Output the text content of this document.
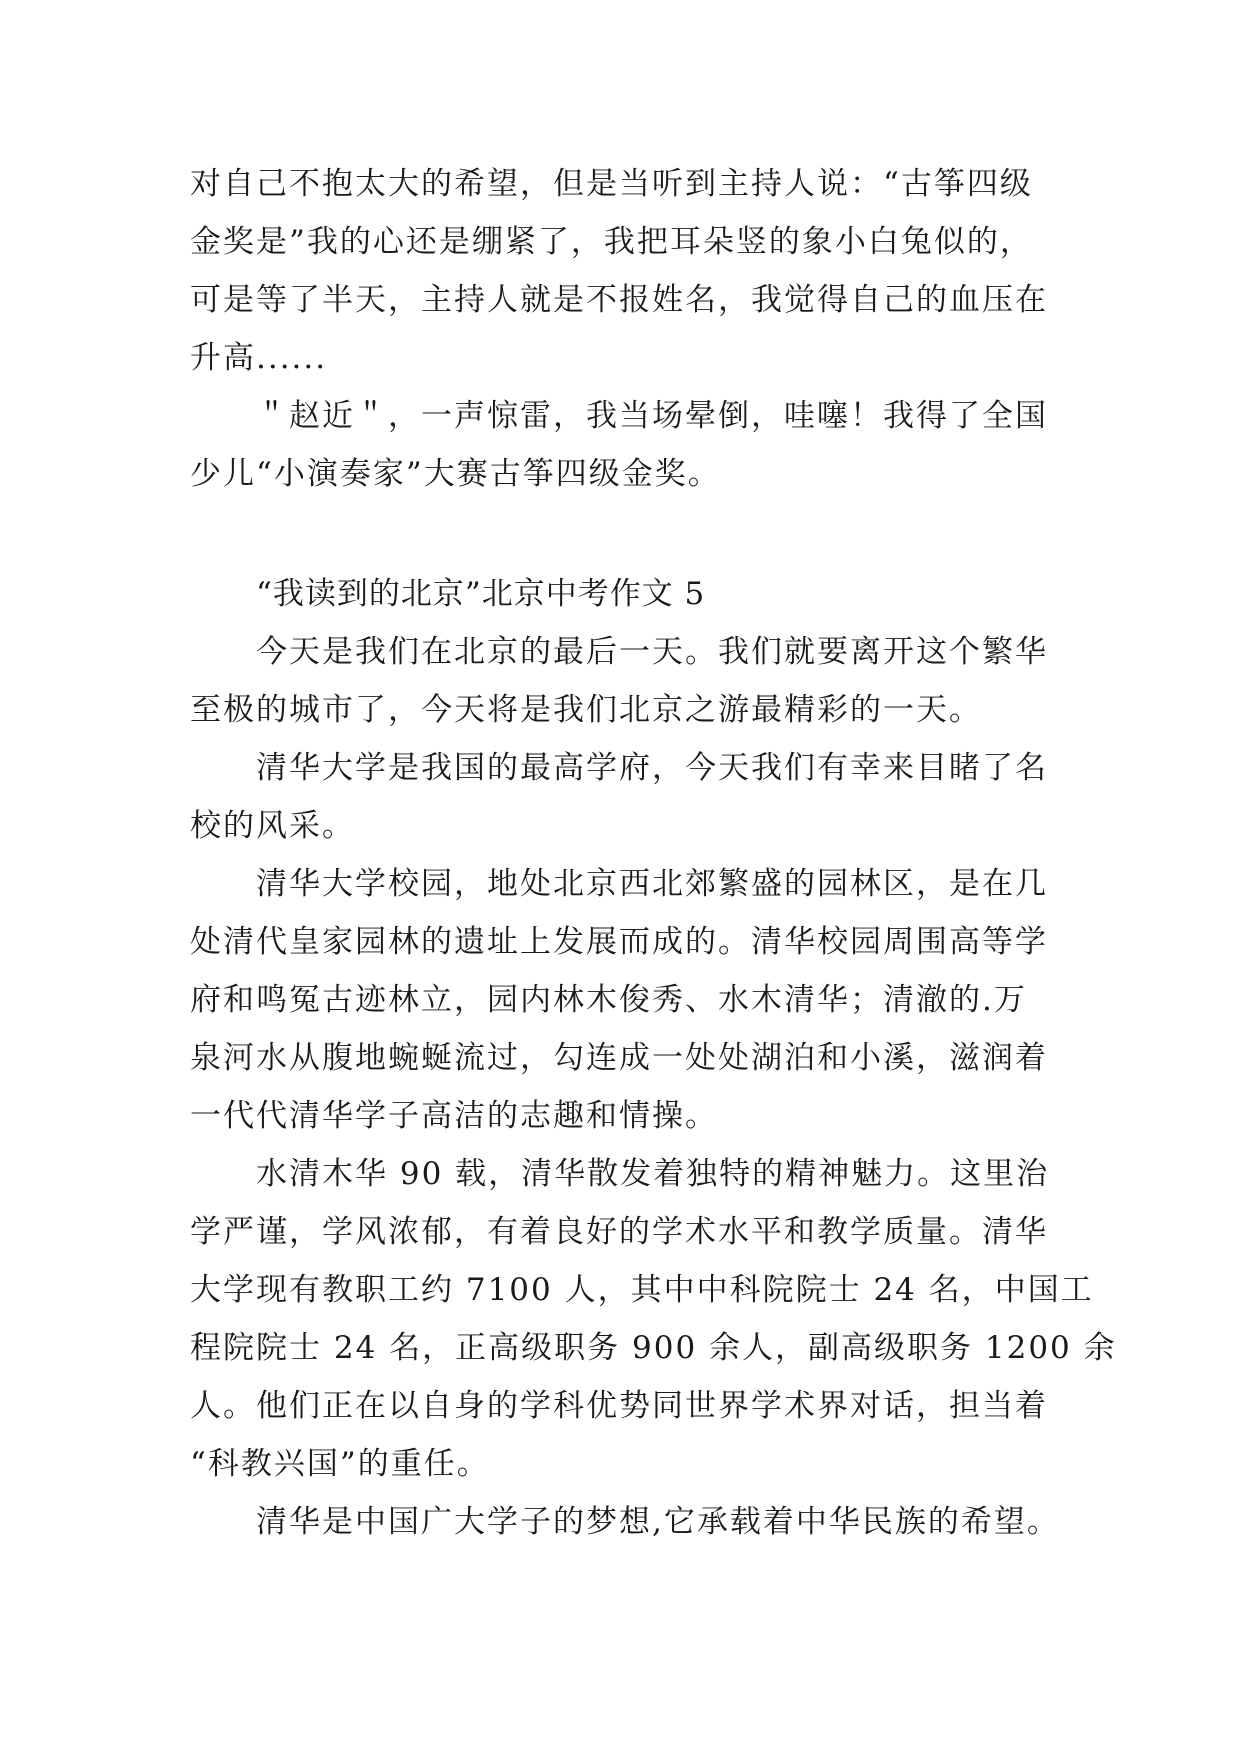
对自己不抱太大的希望，但是当听到主持人说：“古筝四级
金奖是”我的心还是绷紧了，我把耳朵竖的象小白兔似的，
可是等了半天，主持人就是不报姓名，我觉得自己的血压在
升高......
＂赵近＂，一声惊雷，我当场晕倒，哇噻！我得了全国
少儿“小演奏家”大赛古筝四级金奖。
“我读到的北京”北京中考作文 5
今天是我们在北京的最后一天。我们就要离开这个繁华
至极的城市了，今天将是我们北京之游最精彩的一天。
清华大学是我国的最高学府，今天我们有幸来目睹了名
校的风采。
清华大学校园，地处北京西北郊繁盛的园林区，是在几
处清代皇家园林的遗址上发展而成的。清华校园周围高等学
府和鸣冤古迹林立，园内林木俊秀、水木清华；清澈的.万
泉河水从腹地蜿蜒流过，勾连成一处处湖泊和小溪，滋润着
一代代清华学子高洁的志趣和情操。
水清木华 90 载，清华散发着独特的精神魅力。这里治
学严谨，学风浓郁，有着良好的学术水平和教学质量。清华
大学现有教职工约 7100 人，其中中科院院士 24 名，中国工
程院院士 24 名，正高级职务 900 余人，副高级职务 1200 余
人。他们正在以自身的学科优势同世界学术界对话，担当着
“科教兴国”的重任。
清华是中国广大学子的梦想,它承载着中华民族的希望。
